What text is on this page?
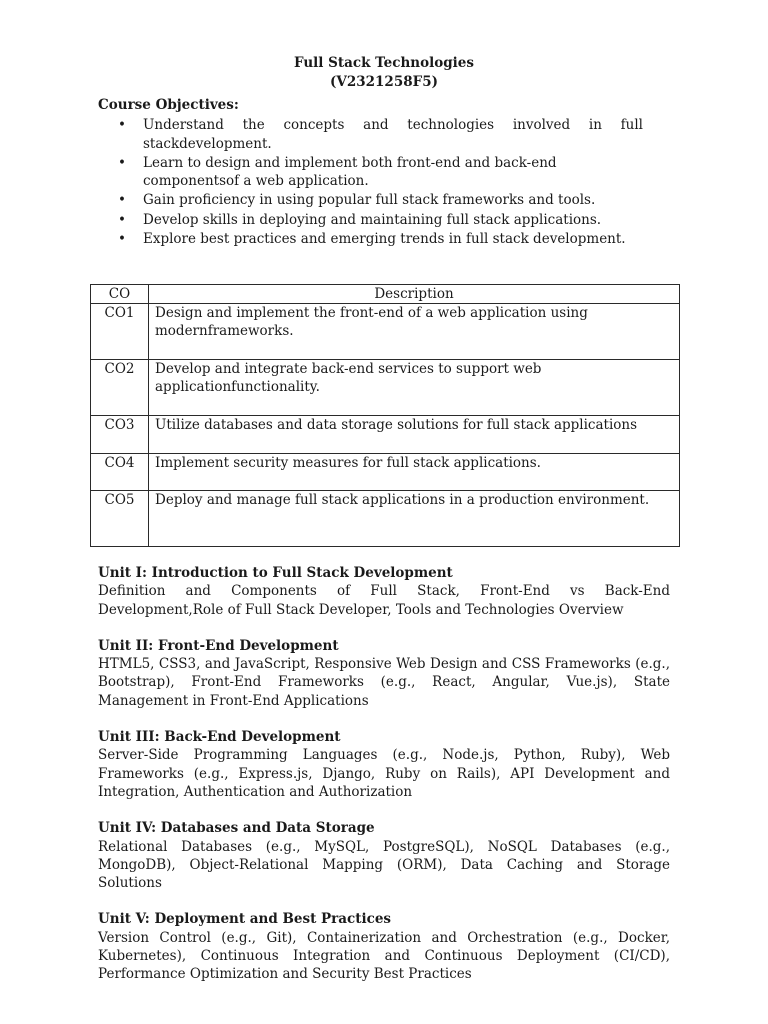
Full Stack Technologies
(V2321258F5)
Course Objectives:
• Understand the concepts and technologies involved in full stackdevelopment.
• Learn to design and implement both front-end and back-end componentsof a web application.
• Gain proficiency in using popular full stack frameworks and tools.
• Develop skills in deploying and maintaining full stack applications.
• Explore best practices and emerging trends in full stack development.
CO	Description
CO1	Design and implement the front-end of a web application using modernframeworks.
CO2	Develop and integrate back-end services to support web applicationfunctionality.
CO3	Utilize databases and data storage solutions for full stack applications
CO4	Implement security measures for full stack applications.
CO5	Deploy and manage full stack applications in a production environment.
Unit I: Introduction to Full Stack Development
Definition and Components of Full Stack, Front-End vs Back-End Development,Role of Full Stack Developer, Tools and Technologies Overview
Unit II: Front-End Development
HTML5, CSS3, and JavaScript, Responsive Web Design and CSS Frameworks (e.g., Bootstrap), Front-End Frameworks (e.g., React, Angular, Vue.js), State Management in Front-End Applications
Unit III: Back-End Development
Server-Side Programming Languages (e.g., Node.js, Python, Ruby), Web Frameworks (e.g., Express.js, Django, Ruby on Rails), API Development and Integration, Authentication and Authorization
Unit IV: Databases and Data Storage
Relational Databases (e.g., MySQL, PostgreSQL), NoSQL Databases (e.g., MongoDB), Object-Relational Mapping (ORM), Data Caching and Storage Solutions
Unit V: Deployment and Best Practices
Version Control (e.g., Git), Containerization and Orchestration (e.g., Docker, Kubernetes), Continuous Integration and Continuous Deployment (CI/CD), Performance Optimization and Security Best Practices
